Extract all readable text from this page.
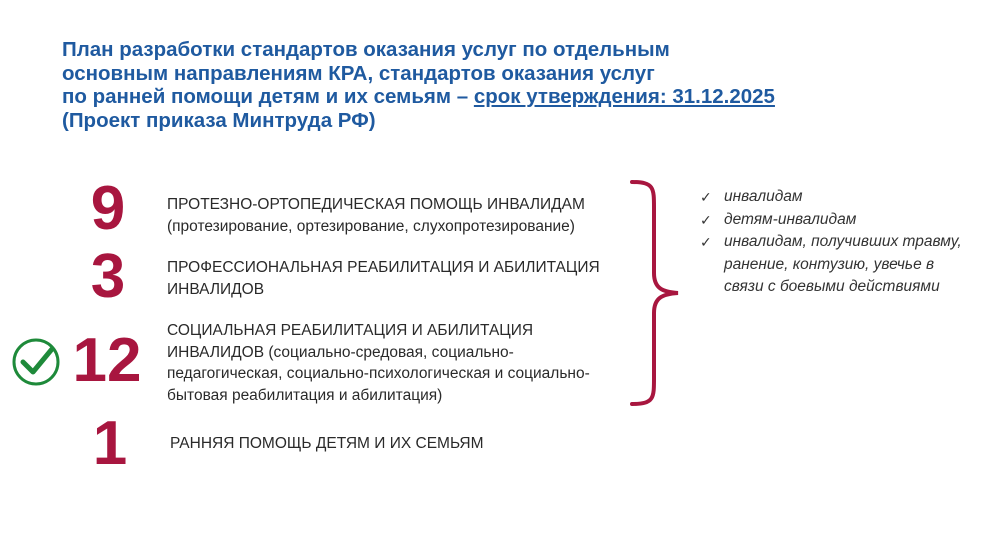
План разработки стандартов оказания услуг по отдельным
основным направлениям КРА, стандартов оказания услуг
по ранней помощи детям и их семьям – срок утверждения: 31.12.2025
(Проект приказа Минтруда РФ)
9	ПРОТЕЗНО-ОРТОПЕДИЧЕСКАЯ ПОМОЩЬ ИНВАЛИДАМ
(протезирование, ортезирование, слухопротезирование)
3	ПРОФЕССИОНАЛЬНАЯ РЕАБИЛИТАЦИЯ И АБИЛИТАЦИЯ
ИНВАЛИДОВ
12	СОЦИАЛЬНАЯ РЕАБИЛИТАЦИЯ И АБИЛИТАЦИЯ
ИНВАЛИДОВ (социально-средовая, социально-педагогическая, социально-психологическая и социально-бытовая реабилитация и абилитация)
1	РАННЯЯ ПОМОЩЬ ДЕТЯМ И ИХ СЕМЬЯМ
✓ инвалидам
✓ детям-инвалидам
✓ инвалидам, получивших травму, ранение, контузию, увечье в связи с боевыми действиями
